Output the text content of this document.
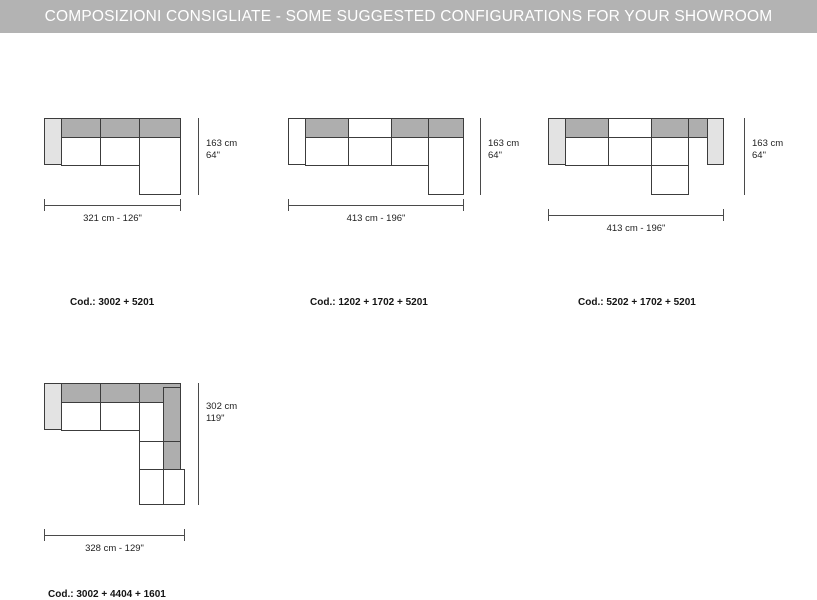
COMPOSIZIONI CONSIGLIATE - SOME SUGGESTED CONFIGURATIONS FOR YOUR SHOWROOM
163 cm
64"
321 cm - 126"
Cod.: 3002 + 5201
163 cm
64"
413 cm - 196"
Cod.: 1202 + 1702 + 5201
163 cm
64"
413 cm - 196"
Cod.: 5202 + 1702 + 5201
302 cm
119"
328 cm - 129"
Cod.: 3002 + 4404 + 1601
